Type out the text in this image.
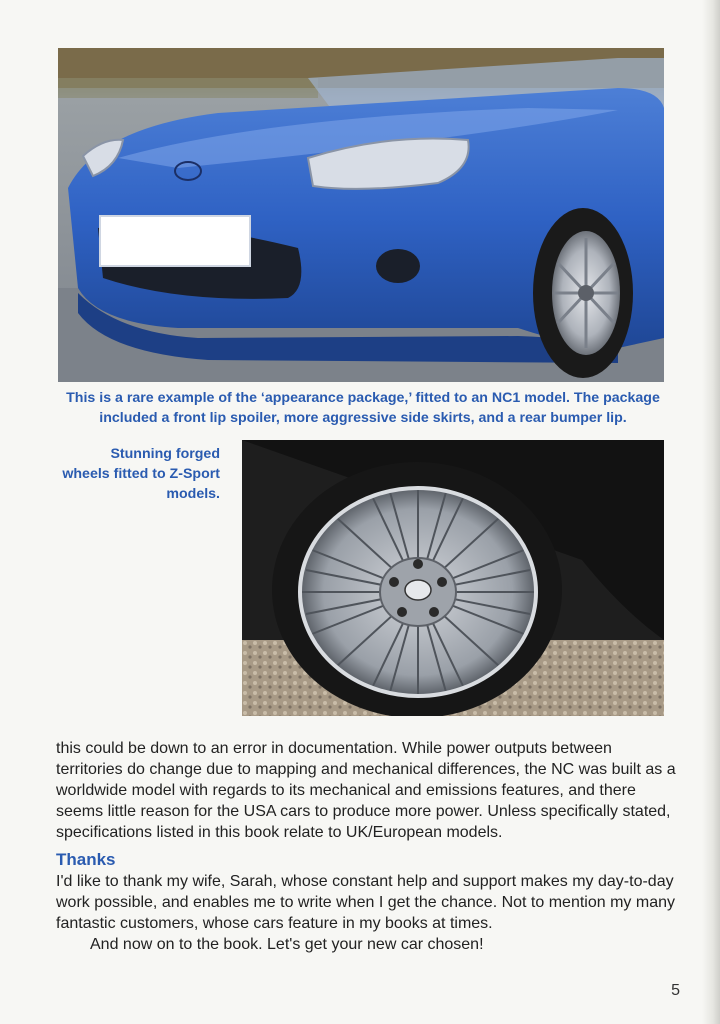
This is a rare example of the ‘appearance package,’ fitted to an NC1 model. The package included a front lip spoiler, more aggressive side skirts, and a rear bumper lip.
Stunning forged wheels fitted to Z-Sport models.
this could be down to an error in documentation. While power outputs between territories do change due to mapping and mechanical differences, the NC was built as a worldwide model with regards to its mechanical and emissions features, and there seems little reason for the USA cars to produce more power. Unless specifically stated, specifications listed in this book relate to UK/European models.
Thanks
I'd like to thank my wife, Sarah, whose constant help and support makes my day-to-day work possible, and enables me to write when I get the chance. Not to mention my many fantastic customers, whose cars feature in my books at times.
And now on to the book. Let's get your new car chosen!
5
